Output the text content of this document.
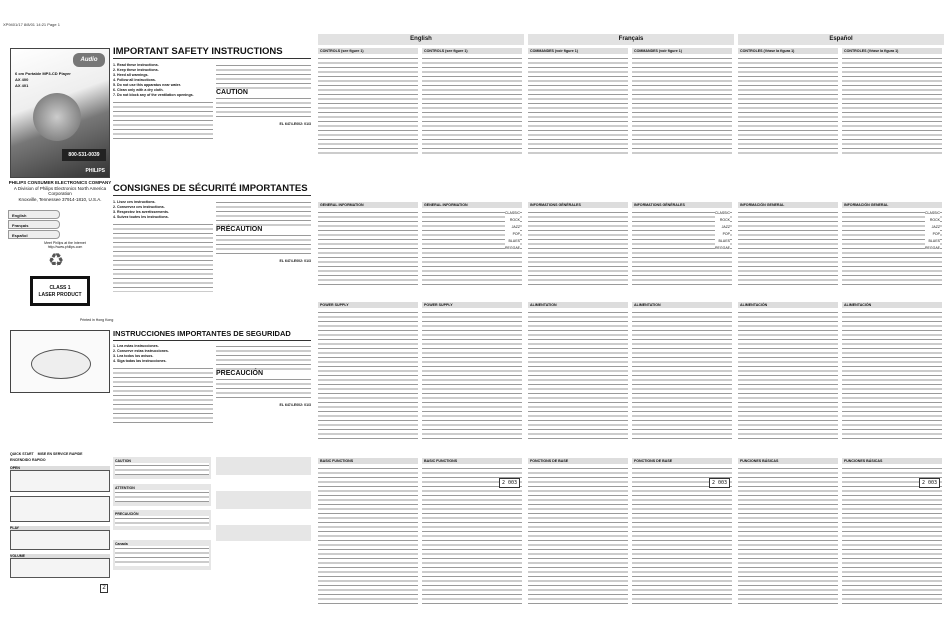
XP9401/17 8/8/01 14:21 Page 1
6 cm Portable MP3-CD Player
AX 400
AX 401
Audio
800-531-0039
PHILIPS
PHILIPS CONSUMER ELECTRONICS COMPANY
A Division of Philips Electronics North America Corporation
Knoxville, Tennessee 37914-1810, U.S.A.
English
Français
Español
Meet Philips at the Internet http://www.philips.com
♻
CLASS 1
LASER PRODUCT
Printed in Hong Kong
IMPORTANT SAFETY INSTRUCTIONS
1. Read these instructions.
2. Keep these instructions.
3. Heed all warnings.
4. Follow all instructions.
5. Do not use this apparatus near water.
6. Clean only with a dry cloth.
7. Do not block any of the ventilation openings.	CAUTION
EL 6474-E002: 01/3
CONSIGNES DE SÉCURITÉ IMPORTANTES
1. Lisez ces instructions.
2. Conservez ces instructions.
3. Respectez les avertissements.
4. Suivez toutes les instructions.
PRÉCAUTION
EL 6474-E002: 01/3
INSTRUCCIONES IMPORTANTES DE SEGURIDAD
1. Lea estas instrucciones.
2. Conserve estas instrucciones.
3. Lea todos los avisos.
4. Siga todas las instrucciones.
PRECAUCIÓN
EL 6474-E002: 01/3
QUICK START MISE EN SERVICE RAPIDE
ENCENDIDO RAPIDO
OPEN
PLAY
VOLUME
2
CAUTION
ATTENTION
PRECAUCIÓN
Canada
English
CONTROLS (see figure 1)	CONTROLS (see figure 1)
GENERAL INFORMATION	GENERAL INFORMATION
CLASSIC
ROCK
JAZZ
POP
BLUES
REGGAE
POWER SUPPLY	POWER SUPPLY
BASIC FUNCTIONS	BASIC FUNCTIONS
2 003
Français
COMMANDES (voir figure 1)	COMMANDES (voir figure 1)
INFORMATIONS GÉNÉRALES	INFORMATIONS GÉNÉRALES
CLASSIC
ROCK
JAZZ
POP
BLUES
REGGAE
ALIMENTATION	ALIMENTATION
FONCTIONS DE BASE	FONCTIONS DE BASE
2 003
Español
CONTROLES (Véase la figura 1)	CONTROLES (Véase la figura 1)
INFORMACIÓN GENERAL	INFORMACIÓN GENERAL
CLASSIC
ROCK
JAZZ
POP
BLUES
REGGAE
ALIMENTACIÓN	ALIMENTACIÓN
FUNCIONES BÁSICAS	FUNCIONES BÁSICAS
2 003
